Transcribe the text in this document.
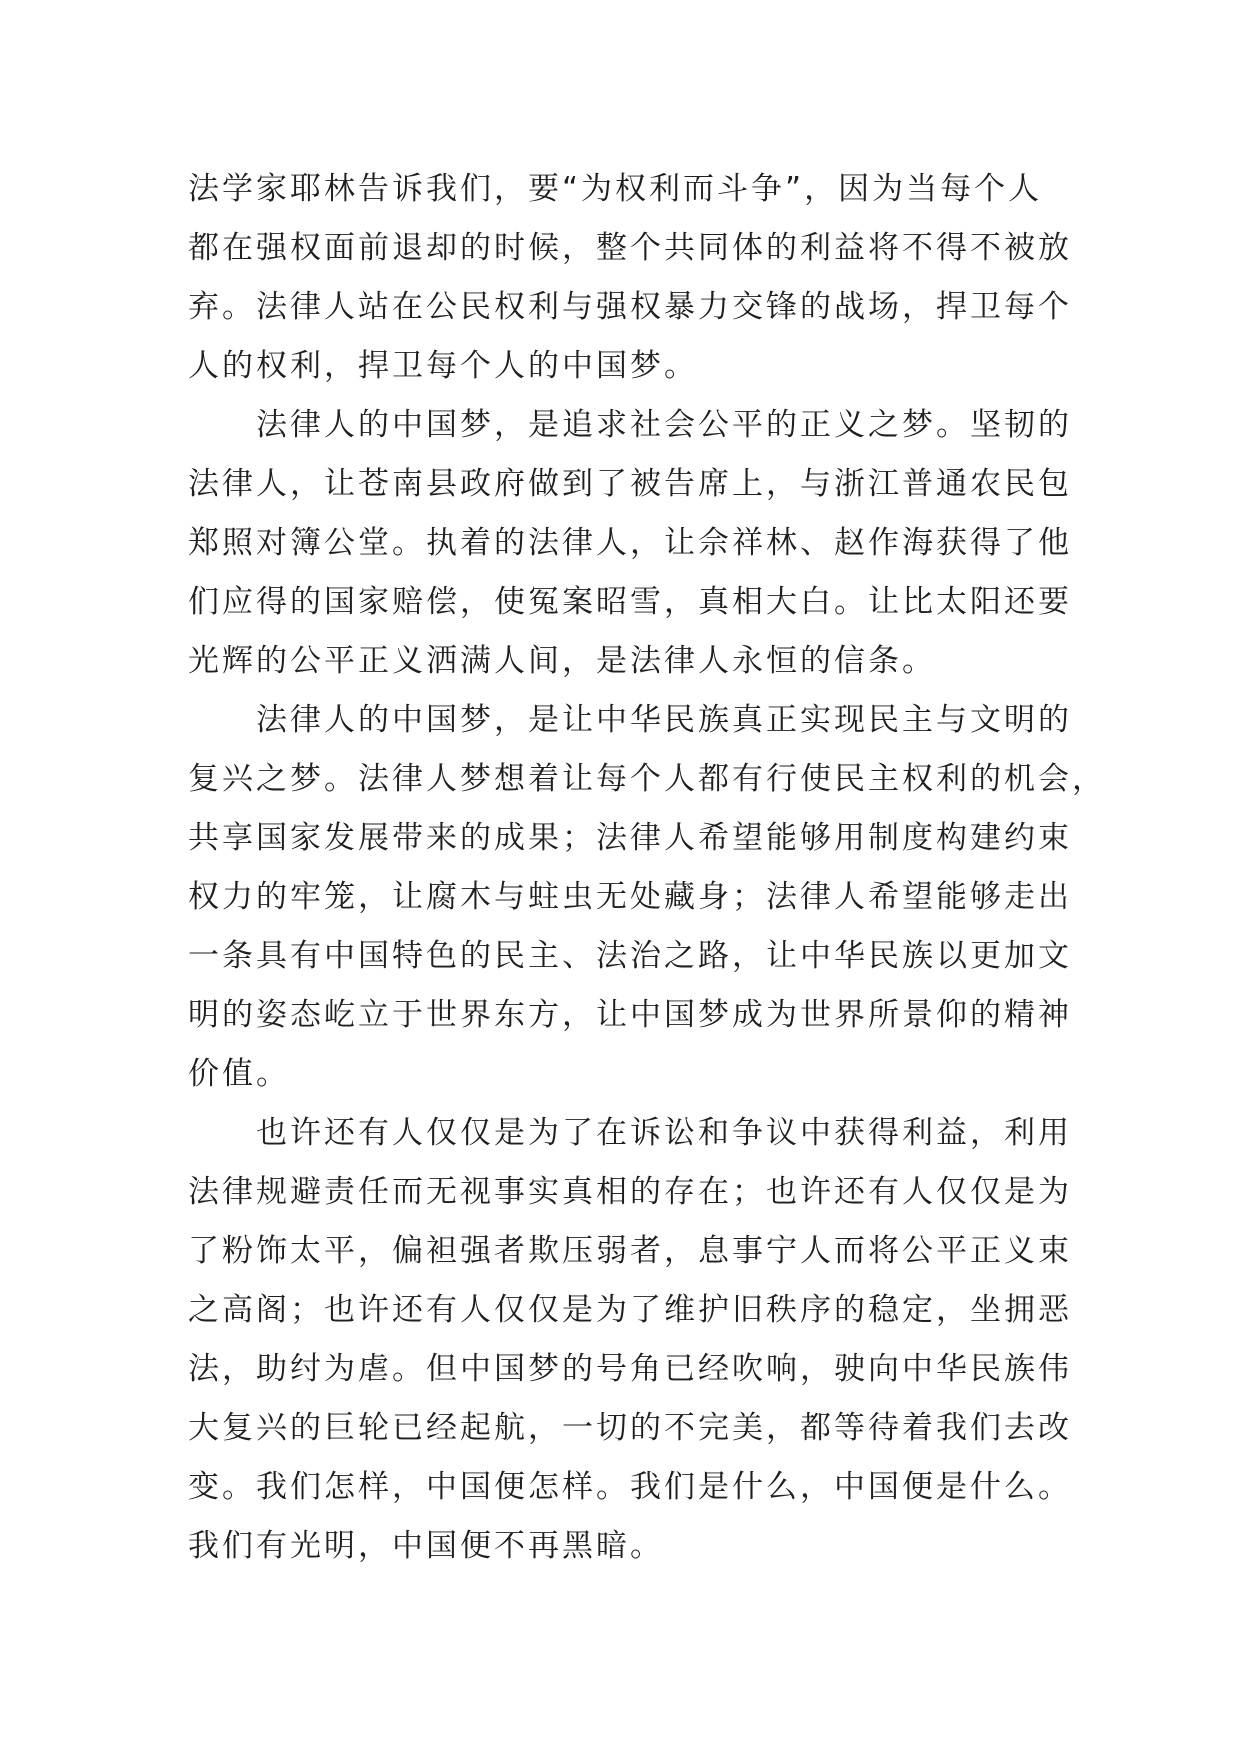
法学家耶林告诉我们，要“为权利而斗争”，因为当每个人
都在强权面前退却的时候，整个共同体的利益将不得不被放
弃。法律人站在公民权利与强权暴力交锋的战场，捍卫每个
人的权利，捍卫每个人的中国梦。
法律人的中国梦，是追求社会公平的正义之梦。坚韧的
法律人，让苍南县政府做到了被告席上，与浙江普通农民包
郑照对簿公堂。执着的法律人，让佘祥林、赵作海获得了他
们应得的国家赔偿，使冤案昭雪，真相大白。让比太阳还要
光辉的公平正义洒满人间，是法律人永恒的信条。
法律人的中国梦，是让中华民族真正实现民主与文明的
复兴之梦。法律人梦想着让每个人都有行使民主权利的机会，
共享国家发展带来的成果；法律人希望能够用制度构建约束
权力的牢笼，让腐木与蛀虫无处藏身；法律人希望能够走出
一条具有中国特色的民主、法治之路，让中华民族以更加文
明的姿态屹立于世界东方，让中国梦成为世界所景仰的精神
价值。
也许还有人仅仅是为了在诉讼和争议中获得利益，利用
法律规避责任而无视事实真相的存在；也许还有人仅仅是为
了粉饰太平，偏袒强者欺压弱者，息事宁人而将公平正义束
之高阁；也许还有人仅仅是为了维护旧秩序的稳定，坐拥恶
法，助纣为虐。但中国梦的号角已经吹响，驶向中华民族伟
大复兴的巨轮已经起航，一切的不完美，都等待着我们去改
变。我们怎样，中国便怎样。我们是什么，中国便是什么。
我们有光明，中国便不再黑暗。
